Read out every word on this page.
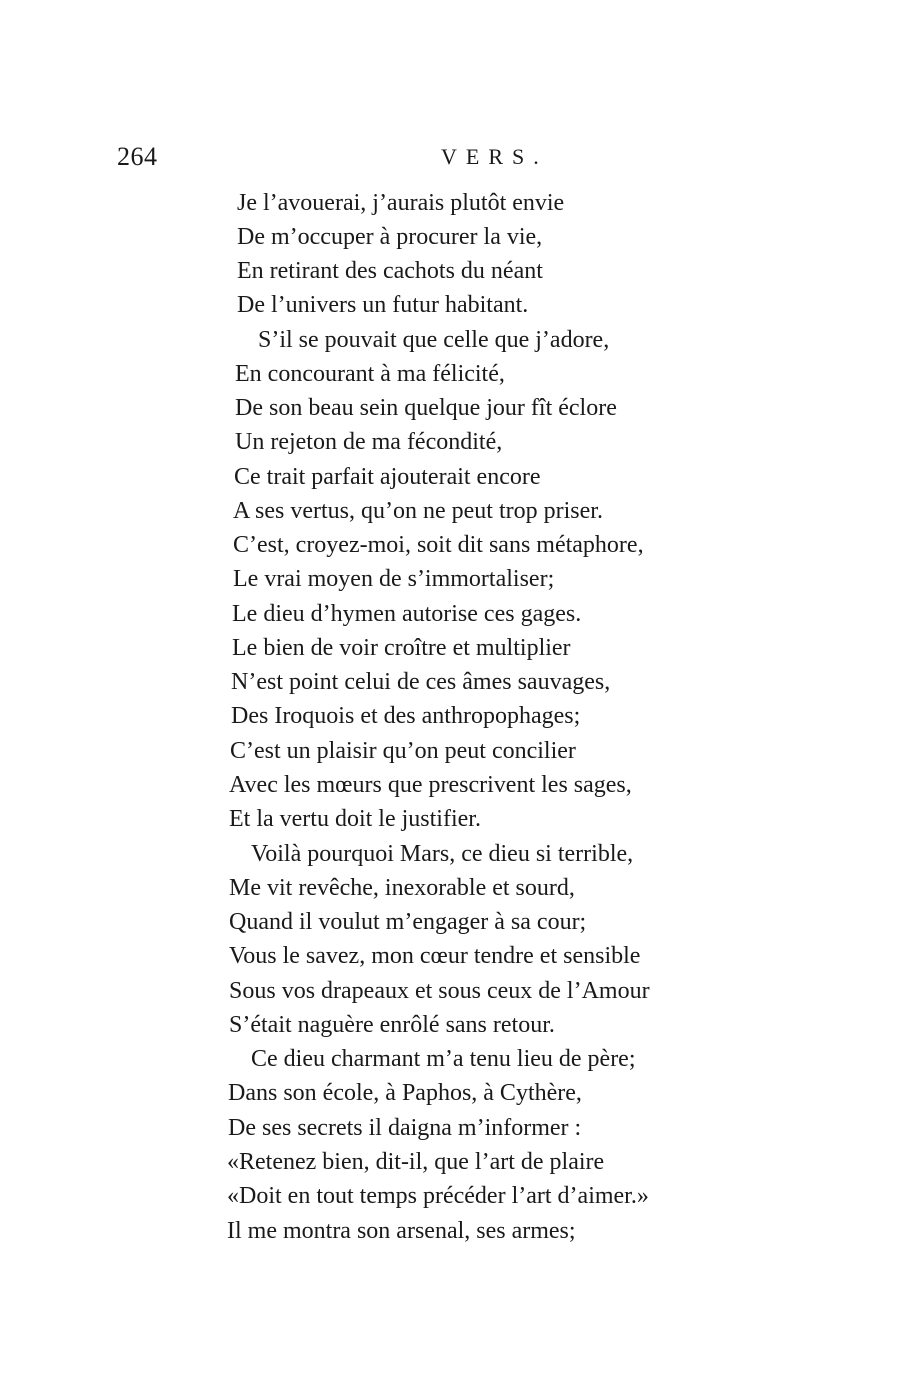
264	VERS.
Je l’avouerai, j’aurais plutôt envie
De m’occuper à procurer la vie,
En retirant des cachots du néant
De l’univers un futur habitant.
S’il se pouvait que celle que j’adore,
En concourant à ma félicité,
De son beau sein quelque jour fît éclore
Un rejeton de ma fécondité,
Ce trait parfait ajouterait encore
A ses vertus, qu’on ne peut trop priser.
C’est, croyez-moi, soit dit sans métaphore,
Le vrai moyen de s’immortaliser;
Le dieu d’hymen autorise ces gages.
Le bien de voir croître et multiplier
N’est point celui de ces âmes sauvages,
Des Iroquois et des anthropophages;
C’est un plaisir qu’on peut concilier
Avec les mœurs que prescrivent les sages,
Et la vertu doit le justifier.
Voilà pourquoi Mars, ce dieu si terrible,
Me vit revêche, inexorable et sourd,
Quand il voulut m’engager à sa cour;
Vous le savez, mon cœur tendre et sensible
Sous vos drapeaux et sous ceux de l’Amour
S’était naguère enrôlé sans retour.
Ce dieu charmant m’a tenu lieu de père;
Dans son école, à Paphos, à Cythère,
De ses secrets il daigna m’informer :
«Retenez bien, dit-il, que l’art de plaire
«Doit en tout temps précéder l’art d’aimer.»
Il me montra son arsenal, ses armes;
